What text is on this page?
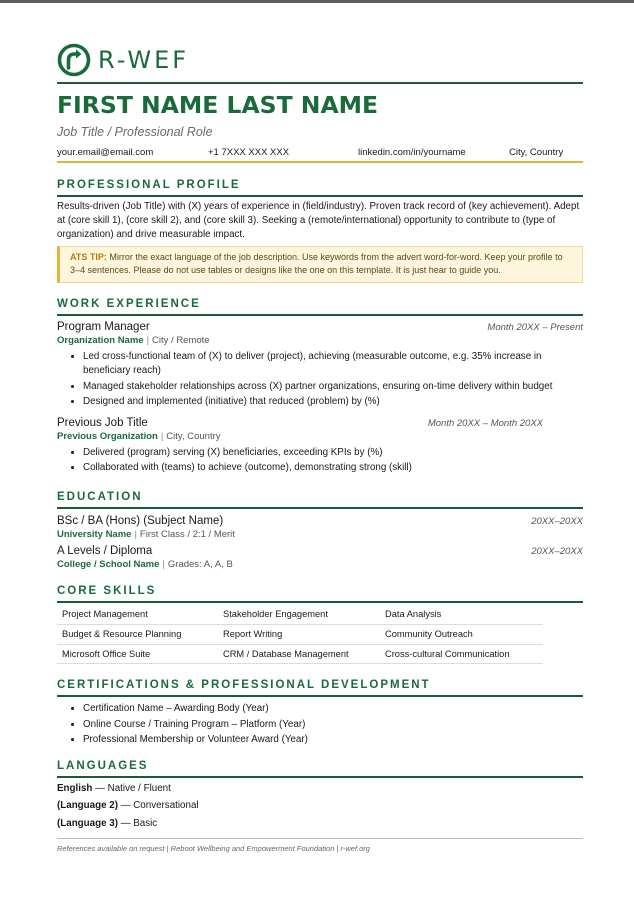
R-WEF
FIRST NAME LAST NAME
Job Title / Professional Role
your.email@email.com	+1 7XXX XXX XXX	linkedin.com/in/yourname	City, Country
PROFESSIONAL PROFILE
Results-driven (Job Title) with (X) years of experience in (field/industry). Proven track record of (key achievement). Adept at (core skill 1), (core skill 2), and (core skill 3). Seeking a (remote/international) opportunity to contribute to (type of organization) and drive measurable impact.
ATS TIP: Mirror the exact language of the job description. Use keywords from the advert word-for-word. Keep your profile to 3–4 sentences. Please do not use tables or designs like the one on this template. It is just hear to guide you.
WORK EXPERIENCE
Program Manager	Month 20XX – Present
Organization Name | City / Remote
• Led cross-functional team of (X) to deliver (project), achieving (measurable outcome, e.g. 35% increase in beneficiary reach)
• Managed stakeholder relationships across (X) partner organizations, ensuring on-time delivery within budget
• Designed and implemented (initiative) that reduced (problem) by (%)
Previous Job Title	Month 20XX – Month 20XX
Previous Organization | City, Country
• Delivered (program) serving (X) beneficiaries, exceeding KPIs by (%)
• Collaborated with (teams) to achieve (outcome), demonstrating strong (skill)
EDUCATION
BSc / BA (Hons) (Subject Name)	20XX–20XX
University Name | First Class / 2:1 / Merit
A Levels / Diploma	20XX–20XX
College / School Name | Grades: A, A, B
CORE SKILLS
Project Management	Stakeholder Engagement	Data Analysis
Budget & Resource Planning	Report Writing	Community Outreach
Microsoft Office Suite	CRM / Database Management	Cross-cultural Communication
CERTIFICATIONS & PROFESSIONAL DEVELOPMENT
• Certification Name – Awarding Body (Year)
• Online Course / Training Program – Platform (Year)
• Professional Membership or Volunteer Award (Year)
LANGUAGES
English — Native / Fluent
(Language 2) — Conversational
(Language 3) — Basic
References available on request | Reboot Wellbeing and Empowerment Foundation | r-wef.org
